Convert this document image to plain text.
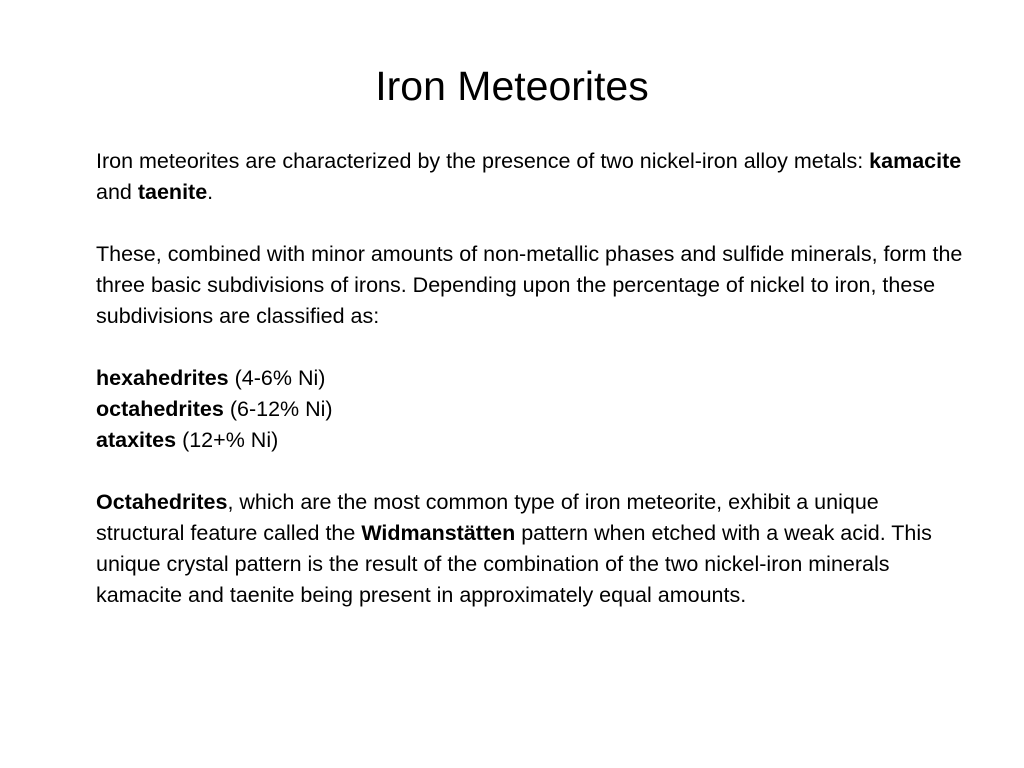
Iron Meteorites

Iron meteorites are characterized by the presence of two nickel-iron alloy metals: kamacite and taenite.

These, combined with minor amounts of non-metallic phases and sulfide minerals, form the three basic subdivisions of irons. Depending upon the percentage of nickel to iron, these subdivisions are classified as:

hexahedrites (4-6% Ni)
octahedrites (6-12% Ni)
ataxites (12+% Ni)

Octahedrites, which are the most common type of iron meteorite, exhibit a unique structural feature called the Widmanstätten pattern when etched with a weak acid. This unique crystal pattern is the result of the combination of the two nickel-iron minerals kamacite and taenite being present in approximately equal amounts.
